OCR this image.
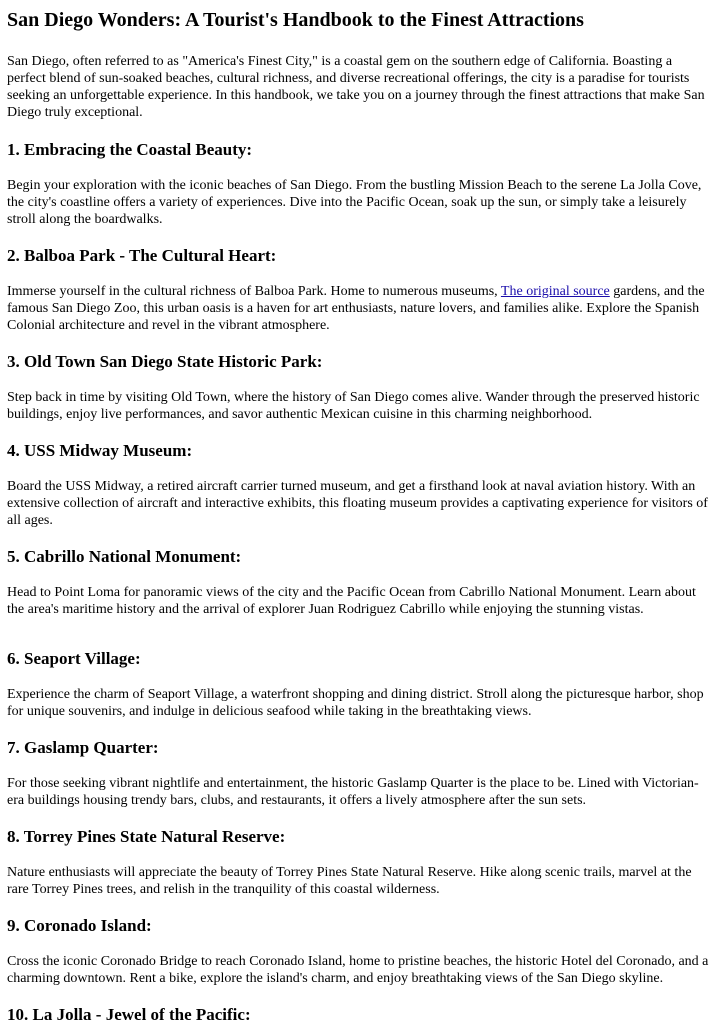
San Diego Wonders: A Tourist's Handbook to the Finest Attractions

San Diego, often referred to as "America's Finest City," is a coastal gem on the southern edge of California. Boasting a perfect blend of sun-soaked beaches, cultural richness, and diverse recreational offerings, the city is a paradise for tourists seeking an unforgettable experience. In this handbook, we take you on a journey through the finest attractions that make San Diego truly exceptional.

1. Embracing the Coastal Beauty:

Begin your exploration with the iconic beaches of San Diego. From the bustling Mission Beach to the serene La Jolla Cove, the city's coastline offers a variety of experiences. Dive into the Pacific Ocean, soak up the sun, or simply take a leisurely stroll along the boardwalks.

2. Balboa Park - The Cultural Heart:

Immerse yourself in the cultural richness of Balboa Park. Home to numerous museums, The original source gardens, and the famous San Diego Zoo, this urban oasis is a haven for art enthusiasts, nature lovers, and families alike. Explore the Spanish Colonial architecture and revel in the vibrant atmosphere.

3. Old Town San Diego State Historic Park:

Step back in time by visiting Old Town, where the history of San Diego comes alive. Wander through the preserved historic buildings, enjoy live performances, and savor authentic Mexican cuisine in this charming neighborhood.

4. USS Midway Museum:

Board the USS Midway, a retired aircraft carrier turned museum, and get a firsthand look at naval aviation history. With an extensive collection of aircraft and interactive exhibits, this floating museum provides a captivating experience for visitors of all ages.

5. Cabrillo National Monument:

Head to Point Loma for panoramic views of the city and the Pacific Ocean from Cabrillo National Monument. Learn about the area's maritime history and the arrival of explorer Juan Rodriguez Cabrillo while enjoying the stunning vistas.

6. Seaport Village:

Experience the charm of Seaport Village, a waterfront shopping and dining district. Stroll along the picturesque harbor, shop for unique souvenirs, and indulge in delicious seafood while taking in the breathtaking views.

7. Gaslamp Quarter:

For those seeking vibrant nightlife and entertainment, the historic Gaslamp Quarter is the place to be. Lined with Victorian-era buildings housing trendy bars, clubs, and restaurants, it offers a lively atmosphere after the sun sets.

8. Torrey Pines State Natural Reserve:

Nature enthusiasts will appreciate the beauty of Torrey Pines State Natural Reserve. Hike along scenic trails, marvel at the rare Torrey Pines trees, and relish in the tranquility of this coastal wilderness.

9. Coronado Island:

Cross the iconic Coronado Bridge to reach Coronado Island, home to pristine beaches, the historic Hotel del Coronado, and a charming downtown. Rent a bike, explore the island's charm, and enjoy breathtaking views of the San Diego skyline.

10. La Jolla - Jewel of the Pacific:
